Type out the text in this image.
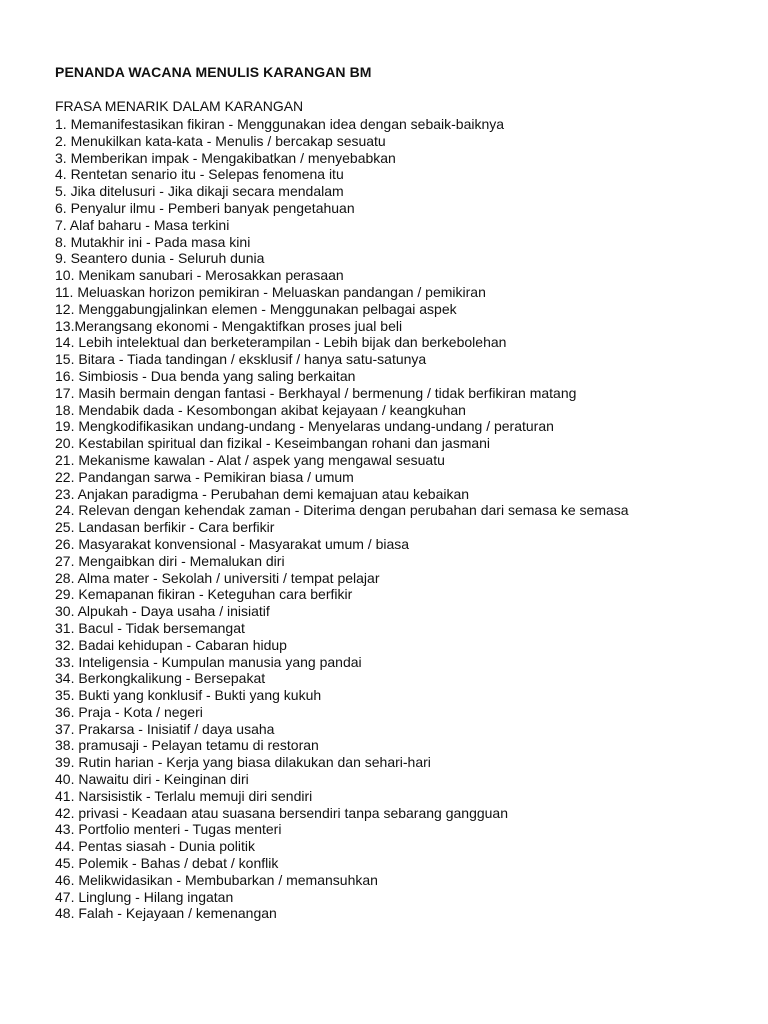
PENANDA WACANA MENULIS KARANGAN BM
FRASA MENARIK DALAM KARANGAN
1. Memanifestasikan fikiran - Menggunakan idea dengan sebaik-baiknya
2. Menukilkan kata-kata - Menulis / bercakap sesuatu
3. Memberikan impak - Mengakibatkan / menyebabkan
4. Rentetan senario itu - Selepas fenomena itu
5. Jika ditelusuri - Jika dikaji secara mendalam
6. Penyalur ilmu - Pemberi banyak pengetahuan
7. Alaf baharu - Masa terkini
8. Mutakhir ini - Pada masa kini
9. Seantero dunia - Seluruh dunia
10. Menikam sanubari - Merosakkan perasaan
11. Meluaskan horizon pemikiran - Meluaskan pandangan / pemikiran
12. Menggabungjalinkan elemen - Menggunakan pelbagai aspek
13.Merangsang ekonomi - Mengaktifkan proses jual beli
14. Lebih intelektual dan berketerampilan - Lebih bijak dan berkebolehan
15. Bitara - Tiada tandingan / eksklusif / hanya satu-satunya
16. Simbiosis - Dua benda yang saling berkaitan
17. Masih bermain dengan fantasi - Berkhayal / bermenung / tidak berfikiran matang
18. Mendabik dada - Kesombongan akibat kejayaan / keangkuhan
19. Mengkodifikasikan undang-undang - Menyelaras undang-undang / peraturan
20. Kestabilan spiritual dan fizikal - Keseimbangan rohani dan jasmani
21. Mekanisme kawalan - Alat / aspek yang mengawal sesuatu
22. Pandangan sarwa - Pemikiran biasa / umum
23. Anjakan paradigma - Perubahan demi kemajuan atau kebaikan
24. Relevan dengan kehendak zaman - Diterima dengan perubahan dari semasa ke semasa
25. Landasan berfikir - Cara berfikir
26. Masyarakat konvensional - Masyarakat umum / biasa
27. Mengaibkan diri - Memalukan diri
28. Alma mater - Sekolah / universiti / tempat pelajar
29. Kemapanan fikiran - Keteguhan cara berfikir
30. Alpukah - Daya usaha / inisiatif
31. Bacul - Tidak bersemangat
32. Badai kehidupan - Cabaran hidup
33. Inteligensia - Kumpulan manusia yang pandai
34. Berkongkalikung - Bersepakat
35. Bukti yang konklusif - Bukti yang kukuh
36. Praja - Kota / negeri
37. Prakarsa - Inisiatif / daya usaha
38. pramusaji - Pelayan tetamu di restoran
39. Rutin harian - Kerja yang biasa dilakukan dan sehari-hari
40. Nawaitu diri - Keinginan diri
41. Narsisistik - Terlalu memuji diri sendiri
42. privasi - Keadaan atau suasana bersendiri tanpa sebarang gangguan
43. Portfolio menteri - Tugas menteri
44. Pentas siasah - Dunia politik
45. Polemik - Bahas / debat / konflik
46. Melikwidasikan - Membubarkan / memansuhkan
47. Linglung - Hilang ingatan
48. Falah - Kejayaan / kemenangan
